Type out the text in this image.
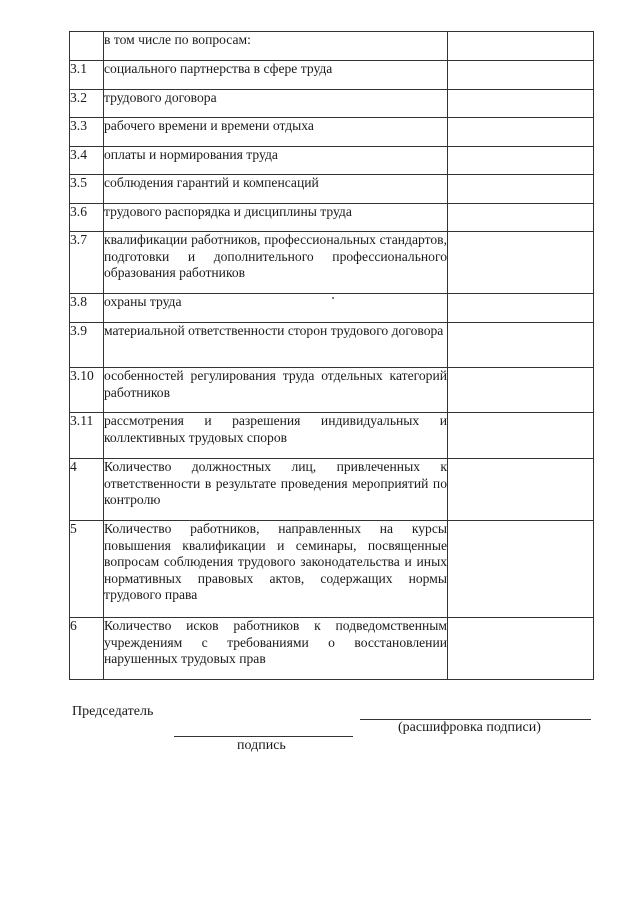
	в том числе по вопросам:	

3.1	социального партнерства в сфере труда	

3.2	трудового договора	

3.3	рабочего времени и времени отдыха	

3.4	оплаты и нормирования труда	

3.5	соблюдения гарантий и компенсаций	

3.6	трудового распорядка и дисциплины труда	

3.7	квалификации работников, профессиональных стандартов, подготовки и дополнительного профессионального образования работников	

3.8	охраны труда	

3.9	материальной ответственности сторон трудового договора	

3.10	особенностей регулирования труда отдельных категорий работников	

3.11	рассмотрения и разрешения индивидуальных и коллективных трудовых споров	

4	Количество должностных лиц, привлеченных к ответственности в результате проведения мероприятий по контролю	

5	Количество работников, направленных на курсы повышения квалификации и семинары, посвященные вопросам соблюдения трудового законодательства и иных нормативных правовых актов, содержащих нормы трудового права	

6	Количество исков работников к подведомственным учреждениям с требованиями о восстановлении нарушенных трудовых прав	

Председатель
(расшифровка подписи)
подпись
